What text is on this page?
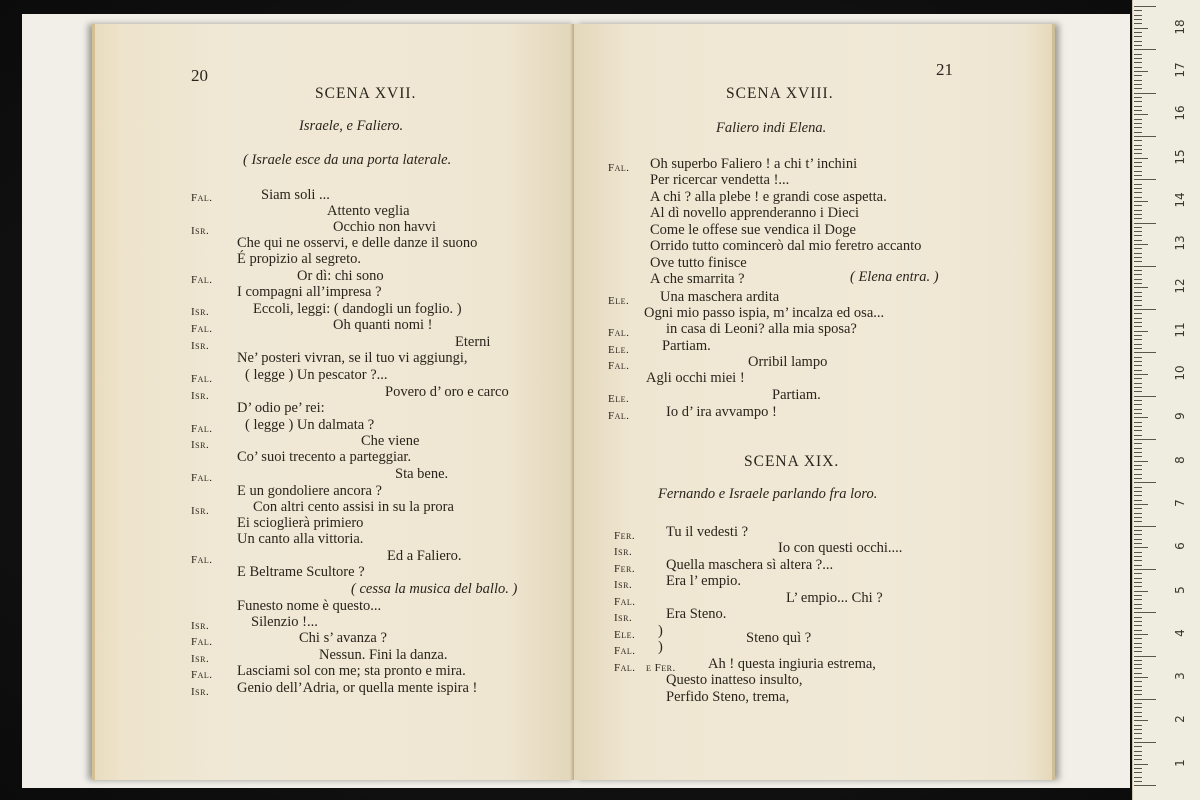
20
SCENA XVII.
Israele, e Faliero.
( Israele esce da una porta laterale.
Fal.	Siam soli ...
Attento veglia
Isr.	Occhio non havvi
Che qui ne osservi, e delle danze il suono
É propizio al segreto.
Fal.	Or dì: chi sono
I compagni all’impresa ?
Isr.	Eccoli, leggi: ( dandogli un foglio. )
Fal.	Oh quanti nomi !
Isr.	Eterni
Ne’ posteri vivran, se il tuo vi aggiungi,
Fal. ( legge ) Un pescator ?...
Isr.	Povero d’ oro e carco
D’ odio pe’ rei:
Fal. ( legge ) Un dalmata ?
Isr.	Che viene
Co’ suoi trecento a parteggiar.
Fal.	Sta bene.
E un gondoliere ancora ?
Isr.	Con altri cento assisi in su la prora
Ei scioglierà primiero
Un canto alla vittoria.
Fal.	Ed a Faliero.
E Beltrame Scultore ?
( cessa la musica del ballo. )
Funesto nome è questo...
Isr.	Silenzio !...
Fal.	Chi s’ avanza ?
Isr.	Nessun. Fini la danza.
Fal. Lasciami sol con me; sta pronto e mira.
Isr. Genio dell’Adria, or quella mente ispira !
21
SCENA XVIII.
Faliero indi Elena.
Fal. Oh superbo Faliero ! a chi t’ inchini
Per ricercar vendetta !...
A chi ? alla plebe ! e grandi cose aspetta.
Al dì novello apprenderanno i Dieci
Come le offese sue vendica il Doge
Orrido tutto comincerò dal mio feretro accanto
Ove tutto finisce
A che smarrita ?	( Elena entra. )
Ele. Una maschera ardita
Ogni mio passo ispia, m’ incalza ed osa...
Fal.	in casa di Leoni? alla mia sposa?
Ele. Partiam.
Fal.	Orribil lampo
Agli occhi miei !
Ele.	Partiam.
Fal.	Io d’ ira avvampo !
SCENA XIX.
Fernando e Israele parlando fra loro.
Fer. Tu il vedesti ?
Isr.	Io con questi occhi....
Fer. Quella maschera sì altera ?...
Isr. Era l’ empio.
Fal.	L’ empio... Chi ?
Isr. Era Steno.
Ele. )	Steno quì ?
Fal. )
Fal. e Fer. Ah ! questa ingiuria estrema,
Questo inatteso insulto,
Perfido Steno, trema,
18
17
16
15
14
13
12
11
10
9
8
7
6
5
4
3
2
1
